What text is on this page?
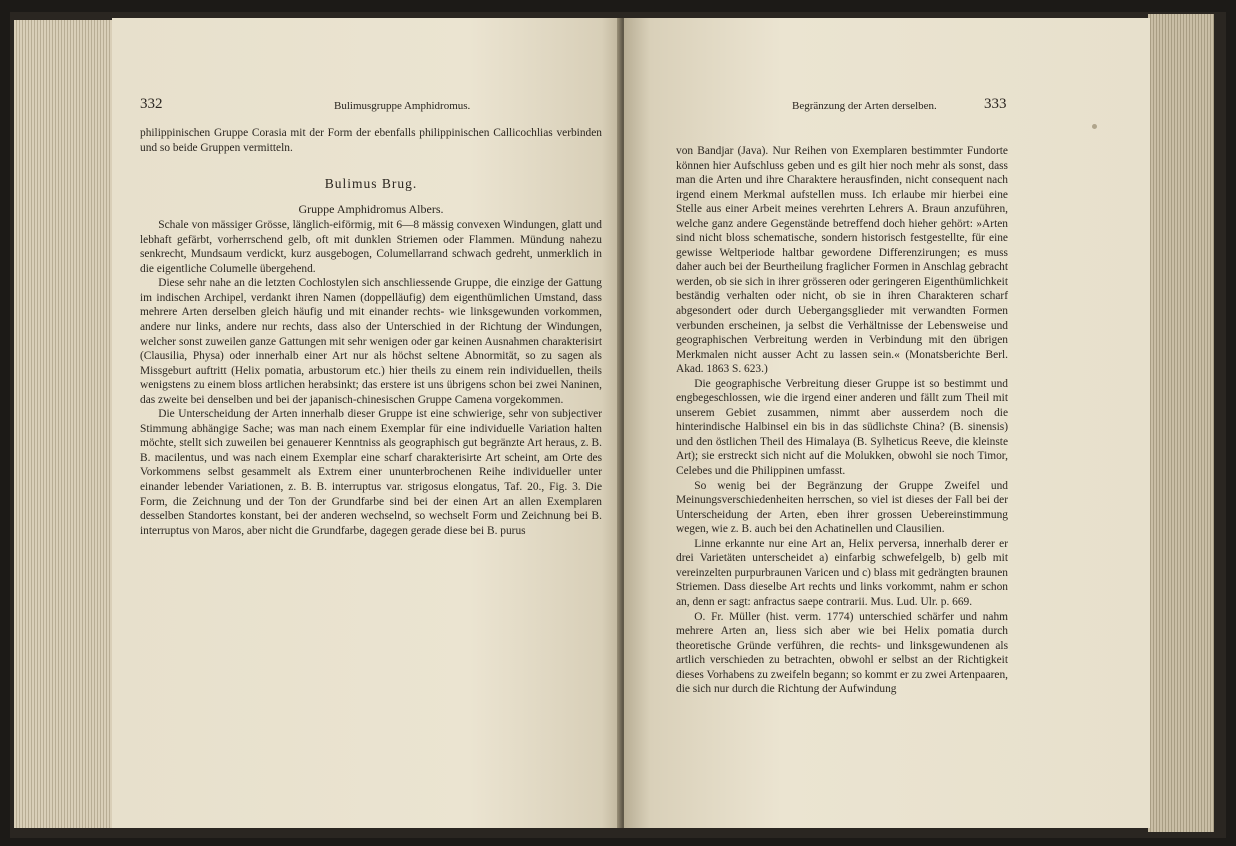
332	Bulimusgruppe Amphidromus.

philippinischen Gruppe Corasia mit der Form der ebenfalls philippinischen Callicochlias verbinden und so beide Gruppen vermitteln.

Bulimus Brug.

Gruppe Amphidromus Albers.

Schale von mässiger Grösse, länglich-eiförmig, mit 6—8 mässig convexen Windungen, glatt und lebhaft gefärbt, vorherrschend gelb, oft mit dunklen Striemen oder Flammen. Mündung nahezu senkrecht, Mundsaum verdickt, kurz ausgebogen, Columellarrand schwach gedreht, unmerklich in die eigentliche Columelle übergehend.

Diese sehr nahe an die letzten Cochlostylen sich anschliessende Gruppe, die einzige der Gattung im indischen Archipel, verdankt ihren Namen (doppelläufig) dem eigenthümlichen Umstand, dass mehrere Arten derselben gleich häufig und mit einander rechts- wie linksgewunden vorkommen, andere nur links, andere nur rechts, dass also der Unterschied in der Richtung der Windungen, welcher sonst zuweilen ganze Gattungen mit sehr wenigen oder gar keinen Ausnahmen charakterisirt (Clausilia, Physa) oder innerhalb einer Art nur als höchst seltene Abnormität, so zu sagen als Missgeburt auftritt (Helix pomatia, arbustorum etc.) hier theils zu einem rein individuellen, theils wenigstens zu einem bloss artlichen herabsinkt; das erstere ist uns übrigens schon bei zwei Naninen, das zweite bei denselben und bei der japanisch-chinesischen Gruppe Camena vorgekommen.

Die Unterscheidung der Arten innerhalb dieser Gruppe ist eine schwierige, sehr von subjectiver Stimmung abhängige Sache; was man nach einem Exemplar für eine individuelle Variation halten möchte, stellt sich zuweilen bei genauerer Kenntniss als geographisch gut begränzte Art heraus, z. B. B. macilentus, und was nach einem Exemplar eine scharf charakterisirte Art scheint, am Orte des Vorkommens selbst gesammelt als Extrem einer ununterbrochenen Reihe individueller unter einander lebender Variationen, z. B. B. interruptus var. strigosus elongatus, Taf. 20., Fig. 3. Die Form, die Zeichnung und der Ton der Grundfarbe sind bei der einen Art an allen Exemplaren desselben Standortes konstant, bei der anderen wechselnd, so wechselt Form und Zeichnung bei B. interruptus von Maros, aber nicht die Grundfarbe, dagegen gerade diese bei B. purus

Begränzung der Arten derselben.	333

von Bandjar (Java). Nur Reihen von Exemplaren bestimmter Fundorte können hier Aufschluss geben und es gilt hier noch mehr als sonst, dass man die Arten und ihre Charaktere herausfinden, nicht consequent nach irgend einem Merkmal aufstellen muss. Ich erlaube mir hierbei eine Stelle aus einer Arbeit meines verehrten Lehrers A. Braun anzuführen, welche ganz andere Gegenstände betreffend doch hieher gehört: »Arten sind nicht bloss schematische, sondern historisch festgestellte, für eine gewisse Weltperiode haltbar gewordene Differenzirungen; es muss daher auch bei der Beurtheilung fraglicher Formen in Anschlag gebracht werden, ob sie sich in ihrer grösseren oder geringeren Eigenthümlichkeit beständig verhalten oder nicht, ob sie in ihren Charakteren scharf abgesondert oder durch Uebergangsglieder mit verwandten Formen verbunden erscheinen, ja selbst die Verhältnisse der Lebensweise und geographischen Verbreitung werden in Verbindung mit den übrigen Merkmalen nicht ausser Acht zu lassen sein.« (Monatsberichte Berl. Akad. 1863 S. 623.)

Die geographische Verbreitung dieser Gruppe ist so bestimmt und engbegeschlossen, wie die irgend einer anderen und fällt zum Theil mit unserem Gebiet zusammen, nimmt aber ausserdem noch die hinterindische Halbinsel ein bis in das südlichste China? (B. sinensis) und den östlichen Theil des Himalaya (B. Sylheticus Reeve, die kleinste Art); sie erstreckt sich nicht auf die Molukken, obwohl sie noch Timor, Celebes und die Philippinen umfasst.

So wenig bei der Begränzung der Gruppe Zweifel und Meinungsverschiedenheiten herrschen, so viel ist dieses der Fall bei der Unterscheidung der Arten, eben ihrer grossen Uebereinstimmung wegen, wie z. B. auch bei den Achatinellen und Clausilien.

Linne erkannte nur eine Art an, Helix perversa, innerhalb derer er drei Varietäten unterscheidet a) einfarbig schwefelgelb, b) gelb mit vereinzelten purpurbraunen Varicen und c) blass mit gedrängten braunen Striemen. Dass dieselbe Art rechts und links vorkommt, nahm er schon an, denn er sagt: anfractus saepe contrarii. Mus. Lud. Ulr. p. 669.

O. Fr. Müller (hist. verm. 1774) unterschied schärfer und nahm mehrere Arten an, liess sich aber wie bei Helix pomatia durch theoretische Gründe verführen, die rechts- und linksgewundenen als artlich verschieden zu betrachten, obwohl er selbst an der Richtigkeit dieses Vorhabens zu zweifeln begann; so kommt er zu zwei Artenpaaren, die sich nur durch die Richtung der Aufwindung
